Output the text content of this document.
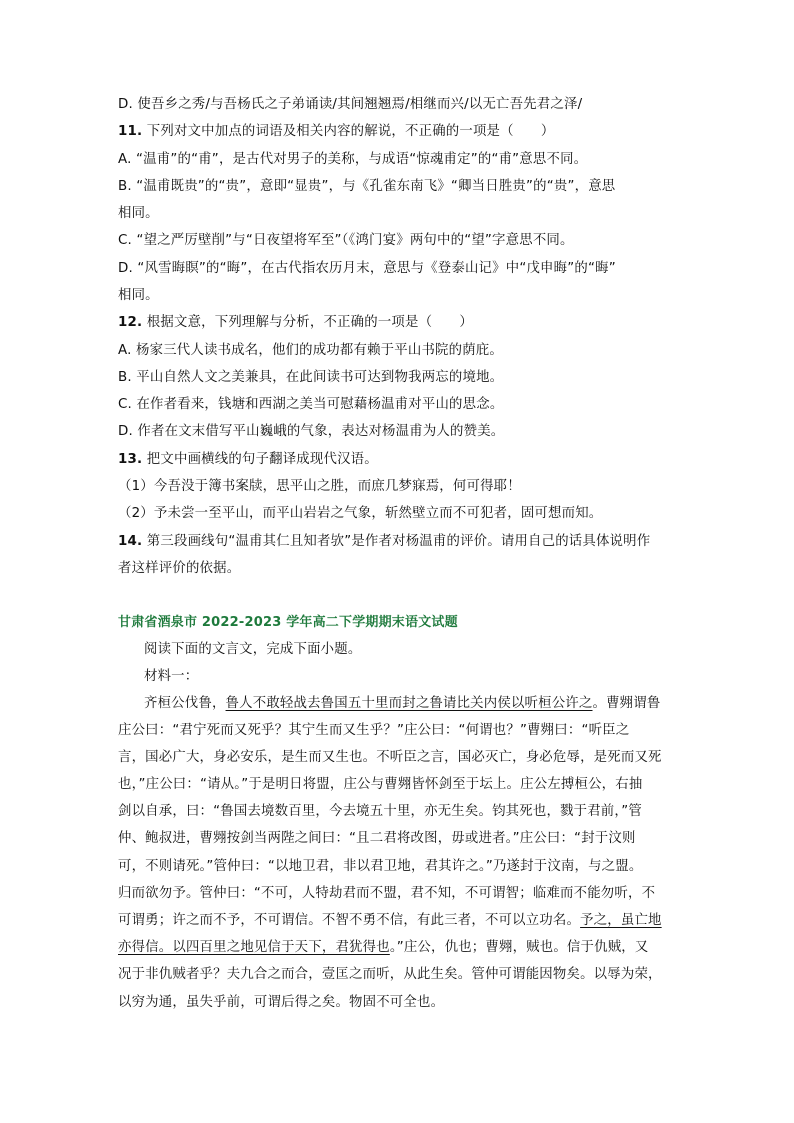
D. 使吾乡之秀/与吾杨氏之子弟诵读/其间翘翘焉/相继而兴/以无亡吾先君之泽/
11. 下列对文中加点的词语及相关内容的解说，不正确的一项是（　　）
A. “温甫”的“甫”，是古代对男子的美称，与成语“惊魂甫定”的“甫”意思不同。
B. “温甫既贵”的“贵”，意即“显贵”，与《孔雀东南飞》“卿当日胜贵”的“贵”，意思
相同。
C. “望之严厉壁削”与“日夜望将军至”（《鸿门宴》两句中的“望”字意思不同。
D. “风雪晦瞑”的“晦”，在古代指农历月末，意思与《登泰山记》中“戊申晦”的“晦”
相同。
12. 根据文意，下列理解与分析，不正确的一项是（　　）
A. 杨家三代人读书成名，他们的成功都有赖于平山书院的荫庇。
B. 平山自然人文之美兼具，在此间读书可达到物我两忘的境地。
C. 在作者看来，钱塘和西湖之美当可慰藉杨温甫对平山的思念。
D. 作者在文末借写平山巍峨的气象，表达对杨温甫为人的赞美。
13. 把文中画横线的句子翻译成现代汉语。
（1）今吾没于簿书案牍，思平山之胜，而庶几梦寐焉，何可得耶！
（2）予未尝一至平山，而平山岩岩之气象，斩然壁立而不可犯者，固可想而知。
14. 第三段画线句“温甫其仁且知者欤”是作者对杨温甫的评价。请用自己的话具体说明作
者这样评价的依据。
甘肃省酒泉市 2022-2023 学年高二下学期期末语文试题
阅读下面的文言文，完成下面小题。
材料一：
齐桓公伐鲁，鲁人不敢轻战去鲁国五十里而封之鲁请比关内侯以听桓公许之。曹翙谓鲁
庄公曰：“君宁死而又死乎？其宁生而又生乎？”庄公曰：“何谓也？”曹翙曰：“听臣之
言，国必广大，身必安乐，是生而又生也。不听臣之言，国必灭亡，身必危辱，是死而又死
也，”庄公曰：“请从。”于是明日将盟，庄公与曹翙皆怀剑至于坛上。庄公左搏桓公，右抽
剑以自承，曰：“鲁国去境数百里，今去境五十里，亦无生矣。钧其死也，戮于君前，”管
仲、鲍叔进，曹翙按剑当两陛之间曰：“且二君将改图，毋或进者。”庄公曰：“封于汶则
可，不则请死。”管仲曰：“以地卫君，非以君卫地，君其许之。”乃遂封于汶南，与之盟。
归而欲勿予。管仲曰：“不可，人特劫君而不盟，君不知，不可谓智；临难而不能勿听，不
可谓勇；许之而不予，不可谓信。不智不勇不信，有此三者，不可以立功名。予之，虽亡地
亦得信。以四百里之地见信于天下，君犹得也。”庄公，仇也；曹翙，贼也。信于仇贼，又
况于非仇贼者乎？夫九合之而合，壹匡之而听，从此生矣。管仲可谓能因物矣。以辱为荣，
以穷为通，虽失乎前，可谓后得之矣。物固不可全也。
